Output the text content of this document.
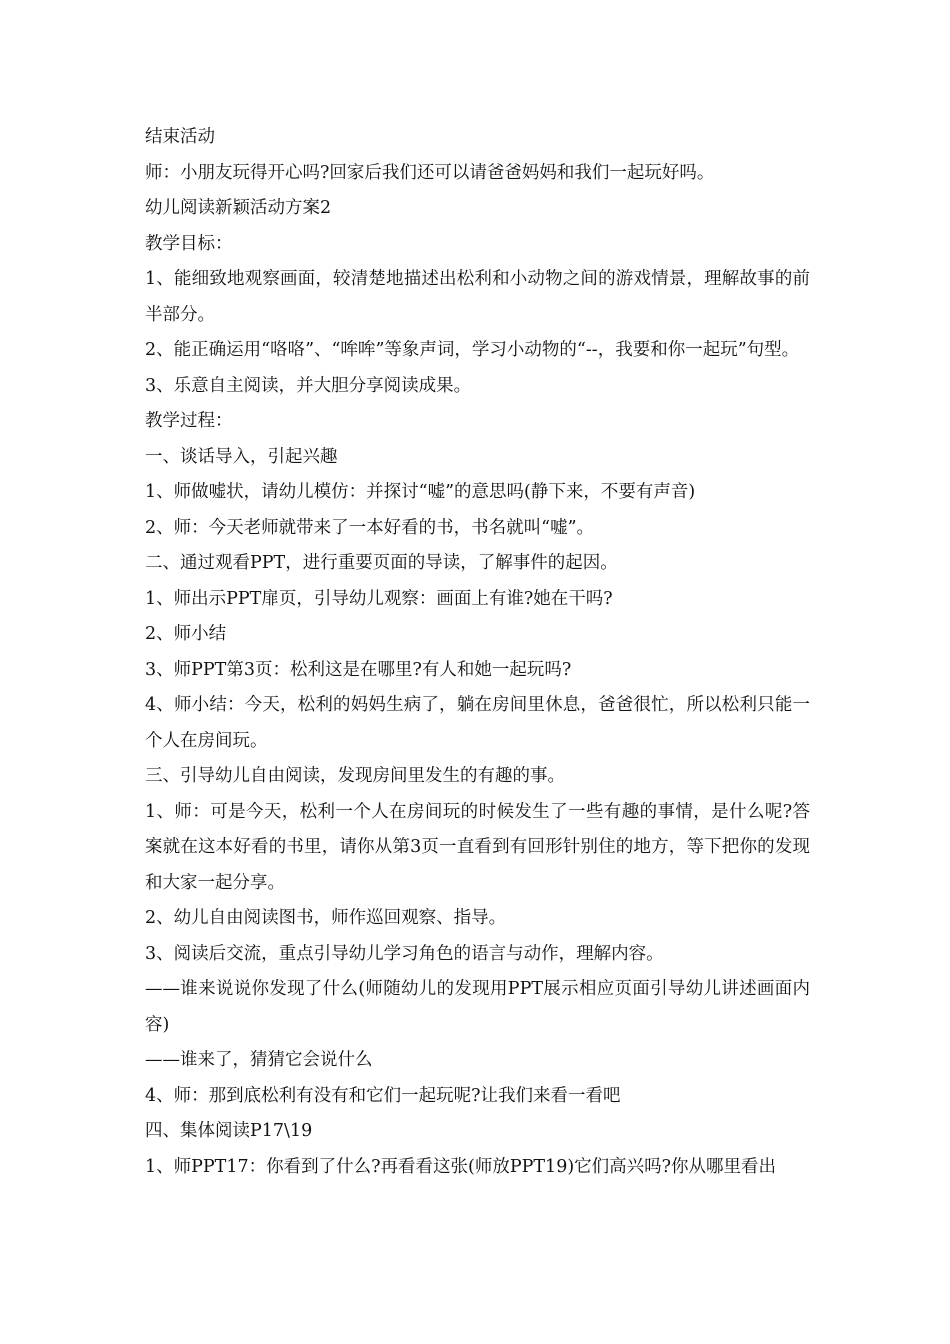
结束活动

师：小朋友玩得开心吗?回家后我们还可以请爸爸妈妈和我们一起玩好吗。

幼儿阅读新颖活动方案2

教学目标：

1、能细致地观察画面，较清楚地描述出松利和小动物之间的游戏情景，理解故事的前半部分。

2、能正确运用“咯咯”、“哞哞”等象声词，学习小动物的“--，我要和你一起玩”句型。

3、乐意自主阅读，并大胆分享阅读成果。

教学过程：

一、谈话导入，引起兴趣

1、师做嘘状，请幼儿模仿：并探讨“嘘”的意思吗(静下来，不要有声音)

2、师：今天老师就带来了一本好看的书，书名就叫“嘘”。

二、通过观看PPT，进行重要页面的导读，了解事件的起因。

1、师出示PPT扉页，引导幼儿观察：画面上有谁?她在干吗?

2、师小结

3、师PPT第3页：松利这是在哪里?有人和她一起玩吗?

4、师小结：今天，松利的妈妈生病了，躺在房间里休息，爸爸很忙，所以松利只能一个人在房间玩。

三、引导幼儿自由阅读，发现房间里发生的有趣的事。

1、师：可是今天，松利一个人在房间玩的时候发生了一些有趣的事情，是什么呢?答案就在这本好看的书里，请你从第3页一直看到有回形针别住的地方，等下把你的发现和大家一起分享。

2、幼儿自由阅读图书，师作巡回观察、指导。

3、阅读后交流，重点引导幼儿学习角色的语言与动作，理解内容。

——谁来说说你发现了什么(师随幼儿的发现用PPT展示相应页面引导幼儿讲述画面内容)

——谁来了，猜猜它会说什么

4、师：那到底松利有没有和它们一起玩呢?让我们来看一看吧

四、集体阅读P17\19

1、师PPT17：你看到了什么?再看看这张(师放PPT19)它们高兴吗?你从哪里看出
